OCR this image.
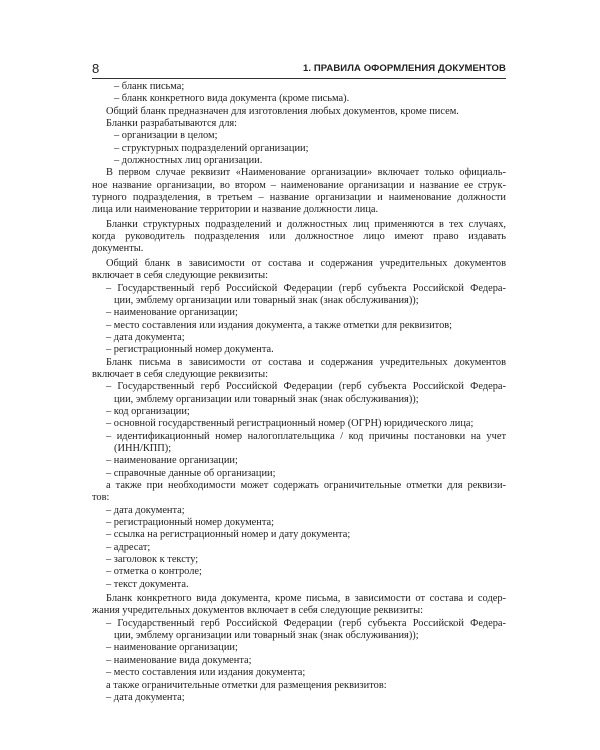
8	1. ПРАВИЛА ОФОРМЛЕНИЯ ДОКУМЕНТОВ
– бланк письма;
– бланк конкретного вида документа (кроме письма).
Общий бланк предназначен для изготовления любых документов, кроме писем.
Бланки разрабатываются для:
– организации в целом;
– структурных подразделений организации;
– должностных лиц организации.
В первом случае реквизит «Наименование организации» включает только официаль-
ное название организации, во втором – наименование организации и название ее струк-
турного подразделения, в третьем – название организации и наименование должности
лица или наименование территории и название должности лица.
Бланки структурных подразделений и должностных лиц применяются в тех случаях,
когда руководитель подразделения или должностное лицо имеют право издавать
документы.
Общий бланк в зависимости от состава и содержания учредительных документов
включает в себя следующие реквизиты:
– Государственный герб Российской Федерации (герб субъекта Российской Федера-
ции, эмблему организации или товарный знак (знак обслуживания));
– наименование организации;
– место составления или издания документа, а также отметки для реквизитов;
– дата документа;
– регистрационный номер документа.
Бланк письма в зависимости от состава и содержания учредительных документов
включает в себя следующие реквизиты:
– Государственный герб Российской Федерации (герб субъекта Российской Федера-
ции, эмблему организации или товарный знак (знак обслуживания));
– код организации;
– основной государственный регистрационный номер (ОГРН) юридического лица;
– идентификационный номер налогоплательщика / код причины постановки на учет
(ИНН/КПП);
– наименование организации;
– справочные данные об организации;
а также при необходимости может содержать ограничительные отметки для реквизи-
тов:
– дата документа;
– регистрационный номер документа;
– ссылка на регистрационный номер и дату документа;
– адресат;
– заголовок к тексту;
– отметка о контроле;
– текст документа.
Бланк конкретного вида документа, кроме письма, в зависимости от состава и содер-
жания учредительных документов включает в себя следующие реквизиты:
– Государственный герб Российской Федерации (герб субъекта Российской Федера-
ции, эмблему организации или товарный знак (знак обслуживания));
– наименование организации;
– наименование вида документа;
– место составления или издания документа;
а также ограничительные отметки для размещения реквизитов:
– дата документа;
